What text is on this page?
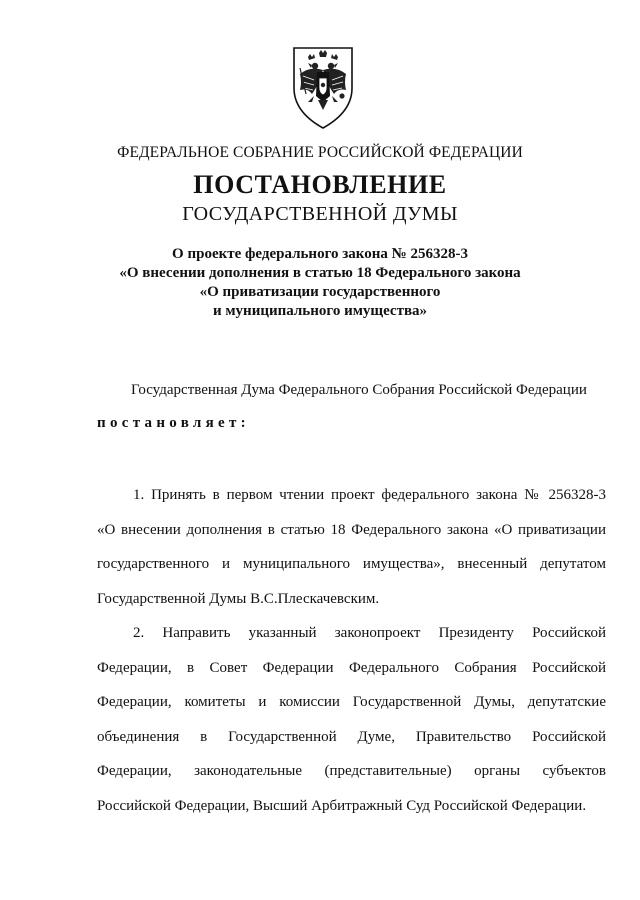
ФЕДЕРАЛЬНОЕ СОБРАНИЕ РОССИЙСКОЙ ФЕДЕРАЦИИ
ПОСТАНОВЛЕНИЕ
ГОСУДАРСТВЕННОЙ ДУМЫ
О проекте федерального закона № 256328-3
«О внесении дополнения в статью 18 Федерального закона
«О приватизации государственного
и муниципального имущества»
Государственная Дума Федерального Собрания Российской Федерации
постановляет:
1. Принять в первом чтении проект федерального закона № 256328-3
«О внесении дополнения в статью 18 Федерального закона «О приватизации
государственного и муниципального имущества», внесенный депутатом
Государственной Думы В.С.Плескачевским.
2. Направить указанный законопроект Президенту Российской
Федерации, в Совет Федерации Федерального Собрания Российской
Федерации, комитеты и комиссии Государственной Думы, депутатские
объединения в Государственной Думе, Правительство Российской
Федерации, законодательные (представительные) органы субъектов
Российской Федерации, Высший Арбитражный Суд Российской Федерации.
